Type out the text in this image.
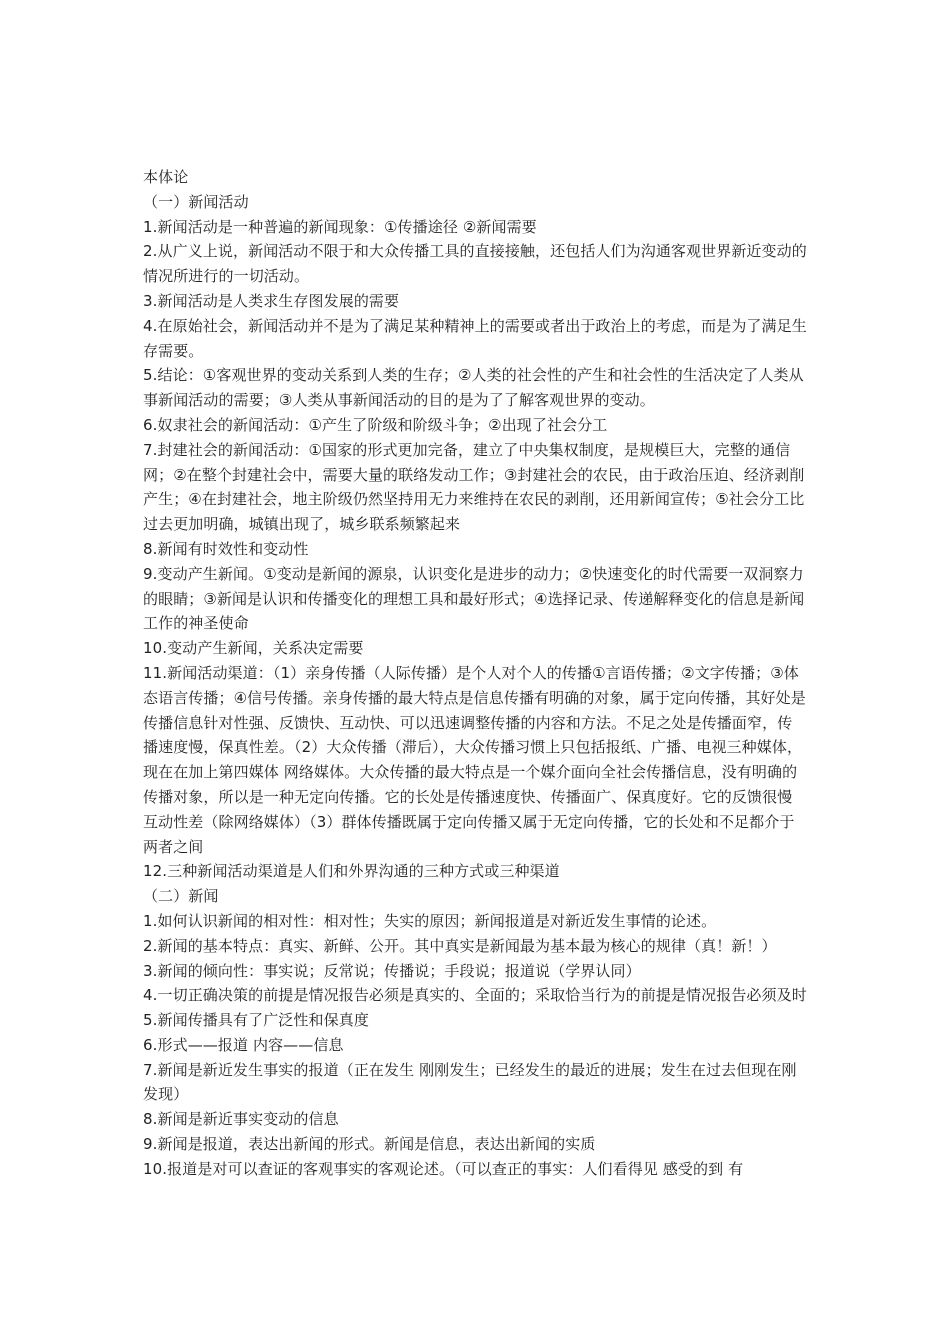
本体论

（一）新闻活动

1.新闻活动是一种普遍的新闻现象：①传播途径 ②新闻需要

2.从广义上说，新闻活动不限于和大众传播工具的直接接触，还包括人们为沟通客观世界新近变动的情况所进行的一切活动。

3.新闻活动是人类求生存图发展的需要

4.在原始社会，新闻活动并不是为了满足某种精神上的需要或者出于政治上的考虑，而是为了满足生存需要。

5.结论：①客观世界的变动关系到人类的生存；②人类的社会性的产生和社会性的生活决定了人类从事新闻活动的需要；③人类从事新闻活动的目的是为了了解客观世界的变动。

6.奴隶社会的新闻活动：①产生了阶级和阶级斗争；②出现了社会分工

7.封建社会的新闻活动：①国家的形式更加完备，建立了中央集权制度，是规模巨大，完整的通信网；②在整个封建社会中，需要大量的联络发动工作；③封建社会的农民，由于政治压迫、经济剥削产生；④在封建社会，地主阶级仍然坚持用无力来维持在农民的剥削，还用新闻宣传；⑤社会分工比过去更加明确，城镇出现了，城乡联系频繁起来

8.新闻有时效性和变动性

9.变动产生新闻。①变动是新闻的源泉，认识变化是进步的动力；②快速变化的时代需要一双洞察力的眼睛；③新闻是认识和传播变化的理想工具和最好形式；④选择记录、传递解释变化的信息是新闻工作的神圣使命

10.变动产生新闻，关系决定需要

11.新闻活动渠道：（1）亲身传播（人际传播）是个人对个人的传播①言语传播；②文字传播；③体态语言传播；④信号传播。亲身传播的最大特点是信息传播有明确的对象，属于定向传播，其好处是传播信息针对性强、反馈快、互动快、可以迅速调整传播的内容和方法。不足之处是传播面窄，传播速度慢，保真性差。（2）大众传播（滞后），大众传播习惯上只包括报纸、广播、电视三种媒体，现在在加上第四媒体 网络媒体。大众传播的最大特点是一个媒介面向全社会传播信息，没有明确的传播对象，所以是一种无定向传播。它的长处是传播速度快、传播面广、保真度好。它的反馈很慢互动性差（除网络媒体）（3）群体传播既属于定向传播又属于无定向传播，它的长处和不足都介于两者之间

12.三种新闻活动渠道是人们和外界沟通的三种方式或三种渠道

（二）新闻

1.如何认识新闻的相对性：相对性；失实的原因；新闻报道是对新近发生事情的论述。

2.新闻的基本特点：真实、新鲜、公开。其中真实是新闻最为基本最为核心的规律（真！新！）

3.新闻的倾向性：事实说；反常说；传播说；手段说；报道说（学界认同）

4.一切正确决策的前提是情况报告必须是真实的、全面的；采取恰当行为的前提是情况报告必须及时

5.新闻传播具有了广泛性和保真度

6.形式——报道 内容——信息

7.新闻是新近发生事实的报道（正在发生 刚刚发生；已经发生的最近的进展；发生在过去但现在刚发现）

8.新闻是新近事实变动的信息

9.新闻是报道，表达出新闻的形式。新闻是信息，表达出新闻的实质

10.报道是对可以查证的客观事实的客观论述。（可以查正的事实：人们看得见 感受的到 有
